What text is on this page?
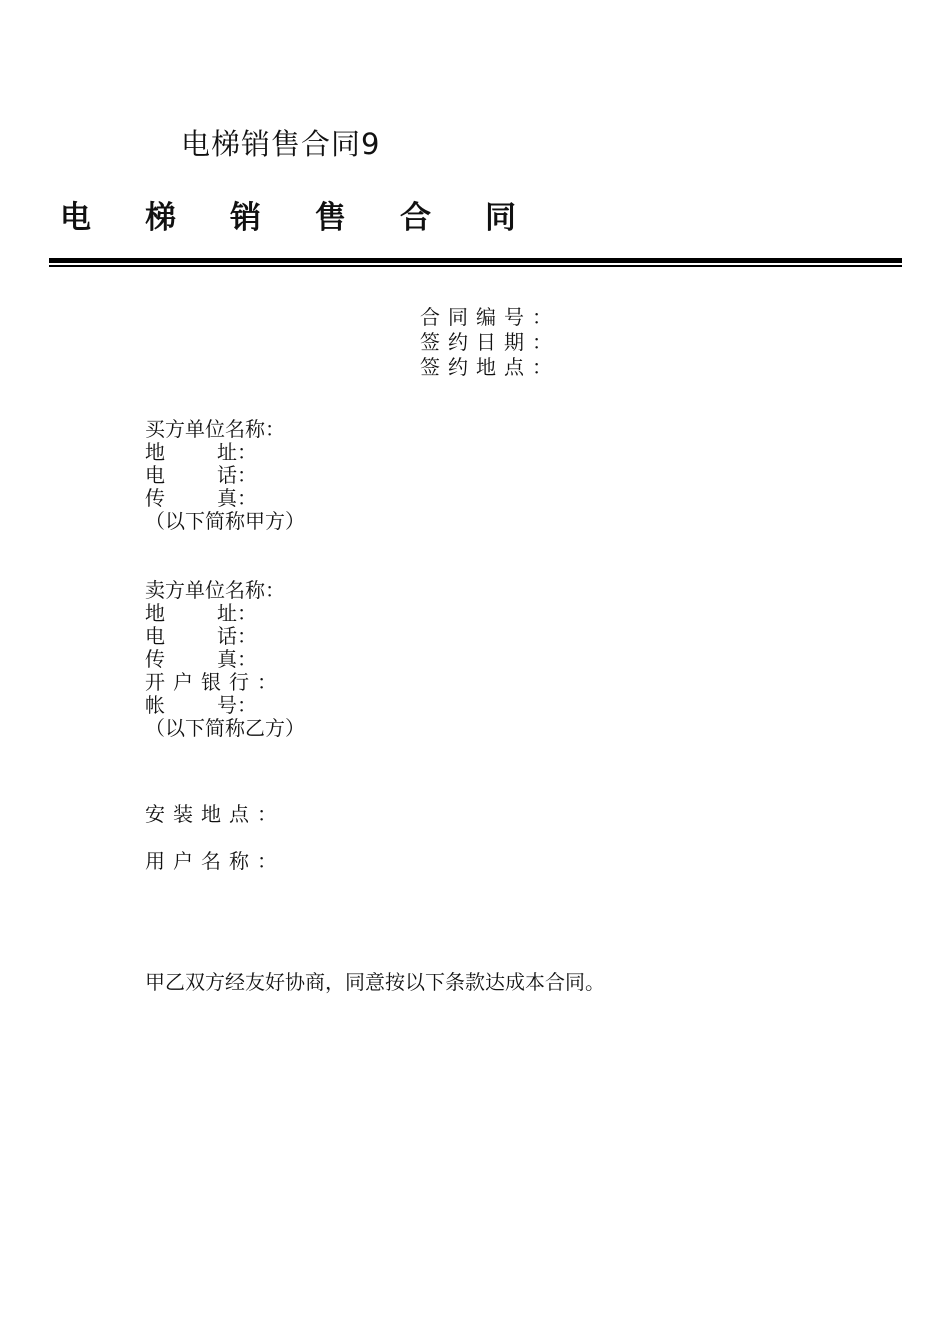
电梯销售合同9
电 梯 销 售 合 同
合同编号：
签约日期：
签约地点：
买方单位名称：
地	址：
电	话：
传	真：
（以下简称甲方）
卖方单位名称：
地	址：
电	话：
传	真：
开户银行：
帐	号：
（以下简称乙方）
安装地点：
用户名称：
甲乙双方经友好协商，同意按以下条款达成本合同。
